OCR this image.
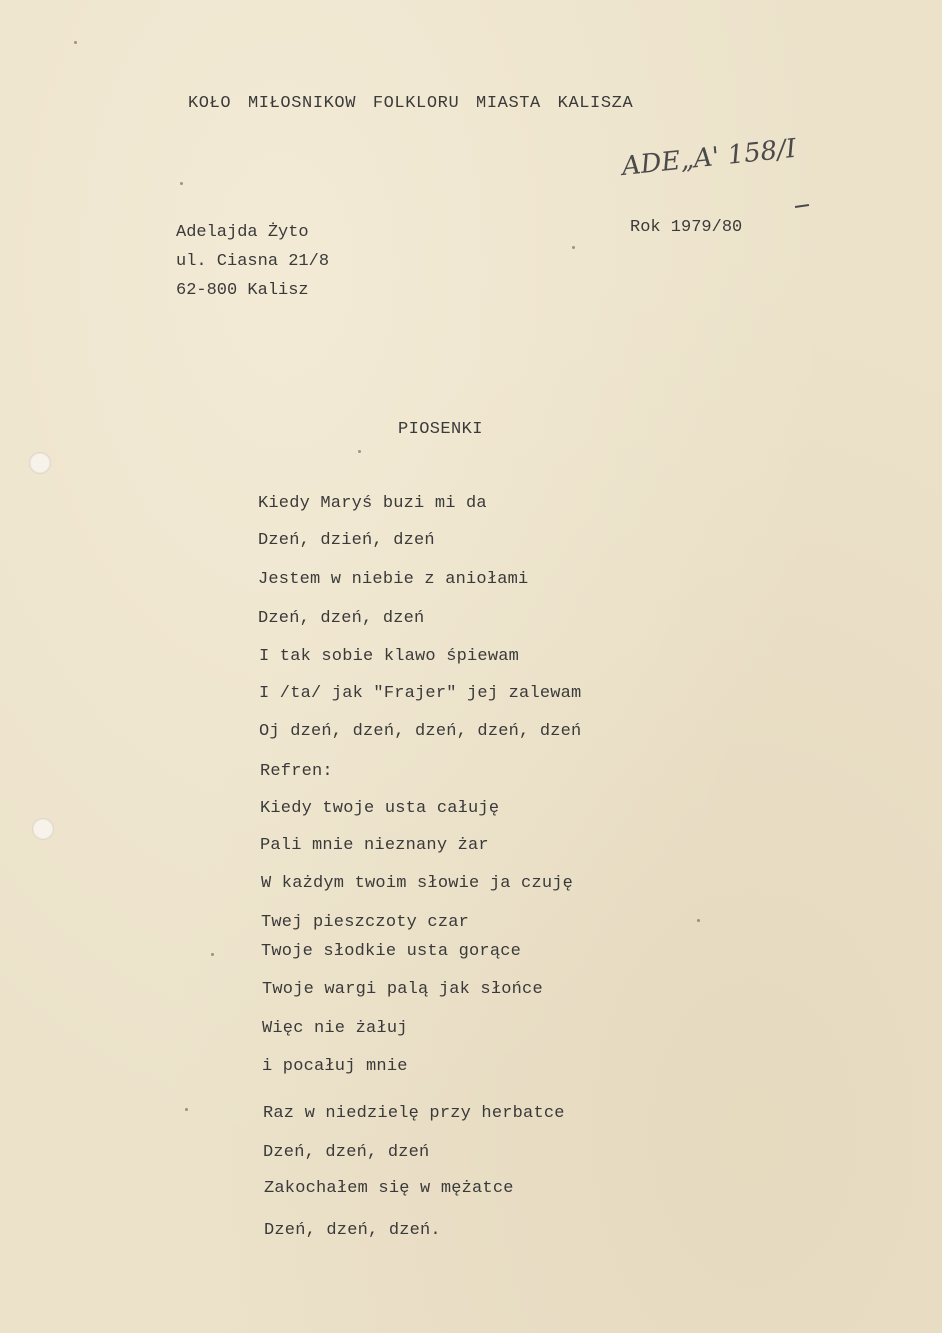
KOŁO MIŁOSNIKOW FOLKLORU MIASTA KALISZA
ADE„A' 158/I
Adelajda Żyto
ul. Ciasna 21/8
62-800 Kalisz
Rok 1979/80
PIOSENKI
Kiedy Maryś buzi mi da
Dzeń, dzień, dzeń
Jestem w niebie z aniołami
Dzeń, dzeń, dzeń
I tak sobie klawo śpiewam
I /ta/ jak "Frajer" jej zalewam
Oj dzeń, dzeń, dzeń, dzeń, dzeń
Refren:
Kiedy twoje usta całuję
Pali mnie nieznany żar
W każdym twoim słowie ja czuję
Twej pieszczoty czar
Twoje słodkie usta gorące
Twoje wargi palą jak słońce
Więc nie żałuj
i pocałuj mnie
Raz w niedzielę przy herbatce
Dzeń, dzeń, dzeń
Zakochałem się w mężatce
Dzeń, dzeń, dzeń.
